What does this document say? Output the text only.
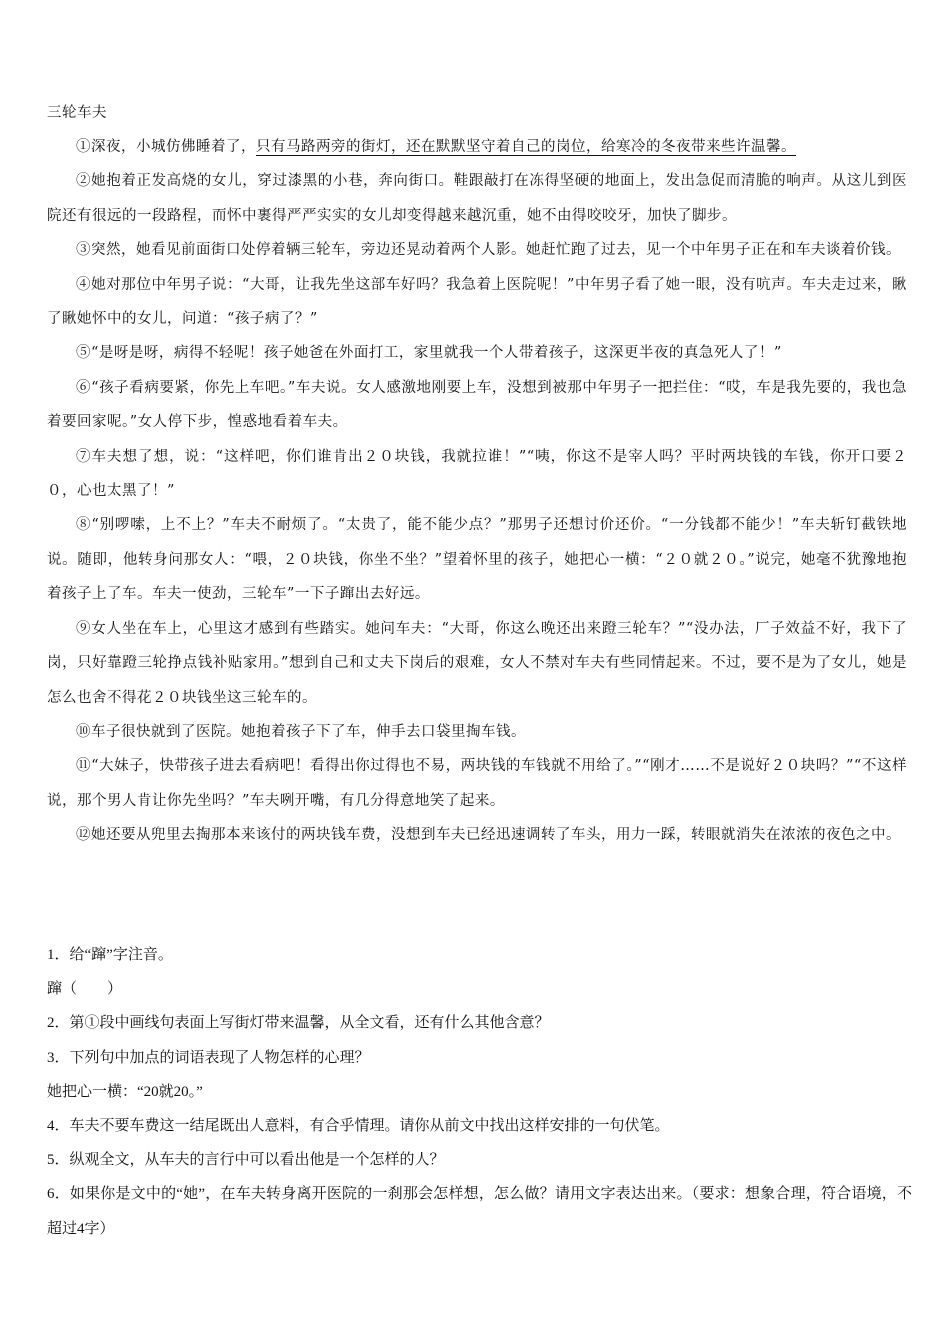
三轮车夫

①深夜，小城仿佛睡着了，只有马路两旁的街灯，还在默默坚守着自己的岗位，给寒冷的冬夜带来些许温馨。

②她抱着正发高烧的女儿，穿过漆黑的小巷，奔向街口。鞋跟敲打在冻得坚硬的地面上，发出急促而清脆的响声。从这儿到医院还有很远的一段路程，而怀中裹得严严实实的女儿却变得越来越沉重，她不由得咬咬牙，加快了脚步。

③突然，她看见前面街口处停着辆三轮车，旁边还晃动着两个人影。她赶忙跑了过去，见一个中年男子正在和车夫谈着价钱。

④她对那位中年男子说：“大哥，让我先坐这部车好吗？我急着上医院呢！”中年男子看了她一眼，没有吭声。车夫走过来，瞅了瞅她怀中的女儿，问道：“孩子病了？”

⑤“是呀是呀，病得不轻呢！孩子她爸在外面打工，家里就我一个人带着孩子，这深更半夜的真急死人了！”

⑥“孩子看病要紧，你先上车吧。”车夫说。女人感激地刚要上车，没想到被那中年男子一把拦住：“哎，车是我先要的，我也急着要回家呢。”女人停下步，惶惑地看着车夫。

⑦车夫想了想，说：“这样吧，你们谁肯出２０块钱，我就拉谁！”“咦，你这不是宰人吗？平时两块钱的车钱，你开口要２０，心也太黑了！”

⑧“别啰嗦，上不上？”车夫不耐烦了。“太贵了，能不能少点？”那男子还想讨价还价。“一分钱都不能少！”车夫斩钉截铁地说。随即，他转身问那女人：“喂，２０块钱，你坐不坐？”望着怀里的孩子，她把心一横：“２０就２０。”说完，她毫不犹豫地抱着孩子上了车。车夫一使劲，三轮车”一下子蹿出去好远。

⑨女人坐在车上，心里这才感到有些踏实。她问车夫：“大哥，你这么晚还出来蹬三轮车？”“没办法，厂子效益不好，我下了岗，只好靠蹬三轮挣点钱补贴家用。”想到自己和丈夫下岗后的艰难，女人不禁对车夫有些同情起来。不过，要不是为了女儿，她是怎么也舍不得花２０块钱坐这三轮车的。

⑩车子很快就到了医院。她抱着孩子下了车，伸手去口袋里掏车钱。

⑪“大妹子，快带孩子进去看病吧！看得出你过得也不易，两块钱的车钱就不用给了。”“刚才……不是说好２０块吗？”“不这样说，那个男人肯让你先坐吗？”车夫咧开嘴，有几分得意地笑了起来。

⑫她还要从兜里去掏那本来该付的两块钱车费，没想到车夫已经迅速调转了车头，用力一踩，转眼就消失在浓浓的夜色之中。

1．给“蹿”字注音。

蹿（　　）

2．第①段中画线句表面上写街灯带来温馨，从全文看，还有什么其他含意？

3．下列句中加点的词语表现了人物怎样的心理？

她把心一横：“20就20。”

4．车夫不要车费这一结尾既出人意料，有合乎情理。请你从前文中找出这样安排的一句伏笔。

5．纵观全文，从车夫的言行中可以看出他是一个怎样的人？

6．如果你是文中的“她”，在车夫转身离开医院的一刹那会怎样想，怎么做？请用文字表达出来。（要求：想象合理，符合语境，不超过4字）
